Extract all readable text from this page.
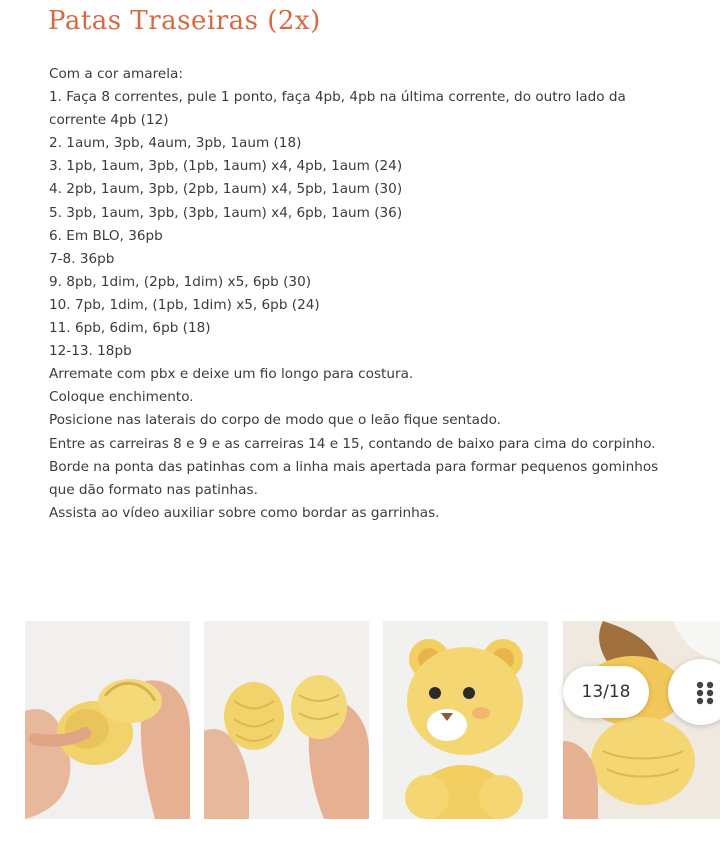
Patas Traseiras (2x)
Com a cor amarela:
1. Faça 8 correntes, pule 1 ponto, faça 4pb, 4pb na última corrente, do outro lado da
corrente 4pb (12)
2. 1aum, 3pb, 4aum, 3pb, 1aum (18)
3. 1pb, 1aum, 3pb, (1pb, 1aum) x4, 4pb, 1aum (24)
4. 2pb, 1aum, 3pb, (2pb, 1aum) x4, 5pb, 1aum (30)
5. 3pb, 1aum, 3pb, (3pb, 1aum) x4, 6pb, 1aum (36)
6. Em BLO, 36pb
7-8. 36pb
9. 8pb, 1dim, (2pb, 1dim) x5, 6pb (30)
10. 7pb, 1dim, (1pb, 1dim) x5, 6pb (24)
11. 6pb, 6dim, 6pb (18)
12-13. 18pb
Arremate com pbx e deixe um fio longo para costura.
Coloque enchimento.
Posicione nas laterais do corpo de modo que o leão fique sentado.
Entre as carreiras 8 e 9 e as carreiras 14 e 15, contando de baixo para cima do corpinho.
Borde na ponta das patinhas com a linha mais apertada para formar pequenos gominhos
que dão formato nas patinhas.
Assista ao vídeo auxiliar sobre como bordar as garrinhas.
13/18
